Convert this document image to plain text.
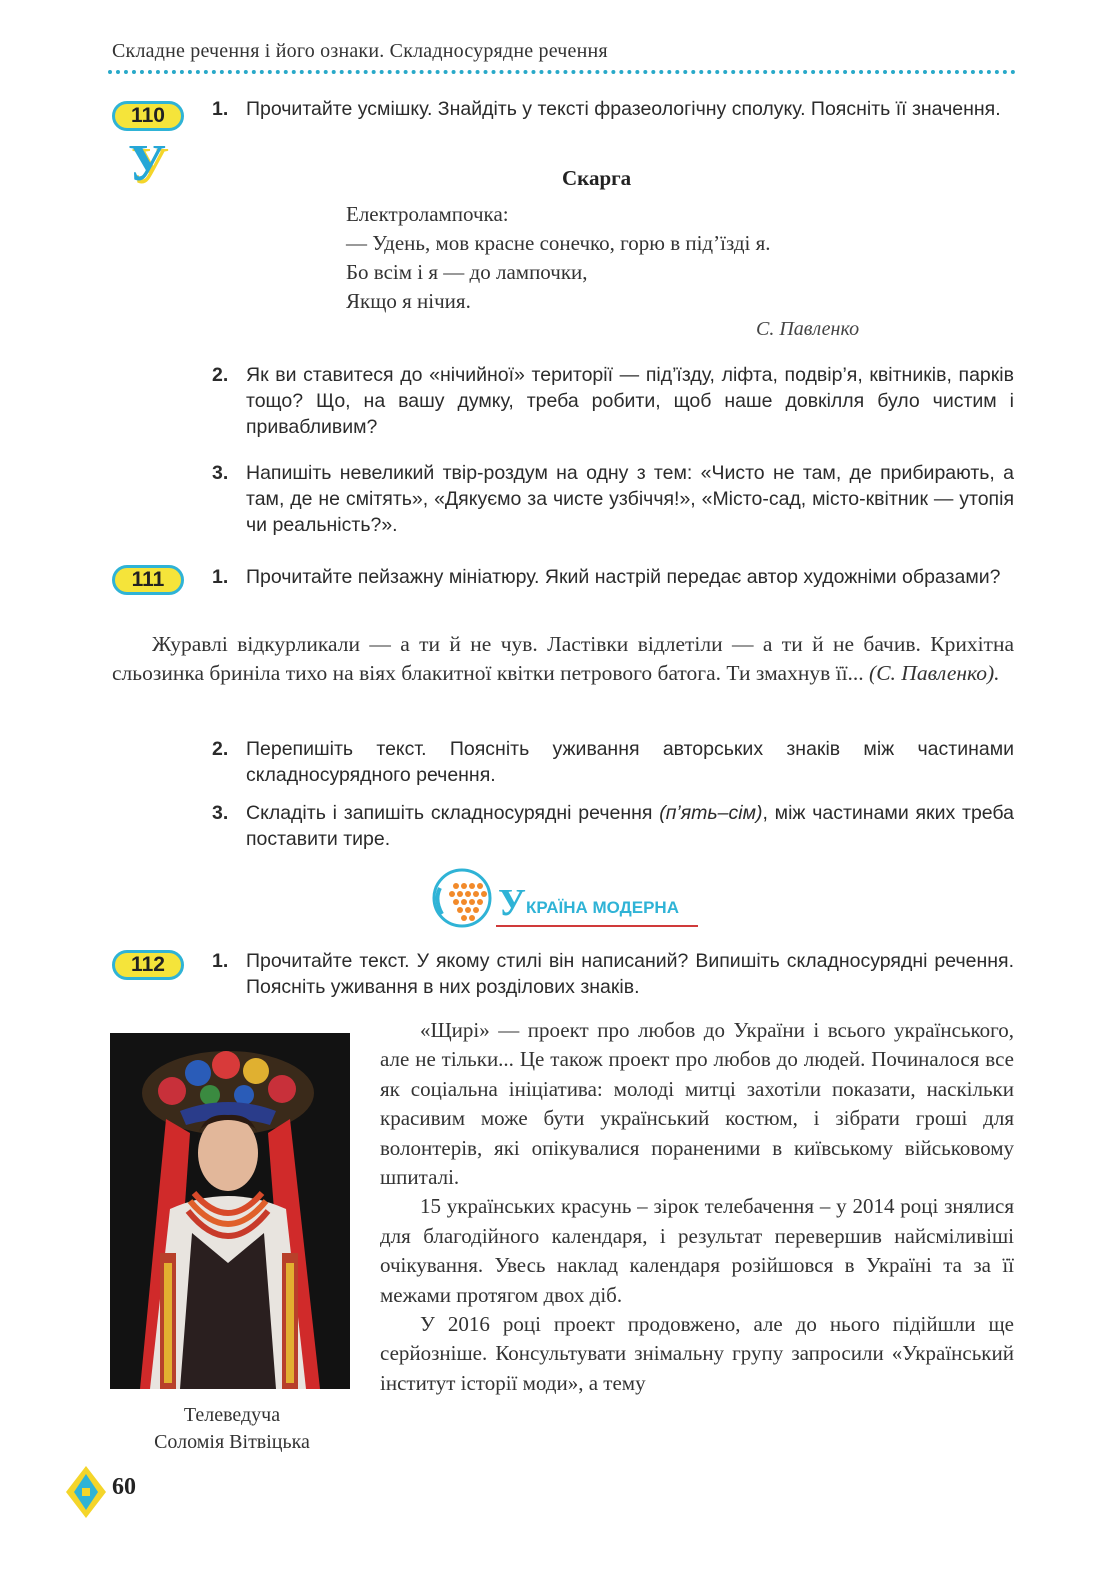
Складне речення і його ознаки. Складносурядне речення
110
У
1. Прочитайте усмішку. Знайдіть у тексті фразеологічну сполуку. Поясніть її значення.
Скарга
Електролампочка:
— Удень, мов красне сонечко, горю в під’їзді я.
Бо всім і я — до лампочки,
Якщо я нічия.
С. Павленко
2. Як ви ставитеся до «нічийної» території — під’їзду, ліфта, подвір’я, квітників, парків тощо? Що, на вашу думку, треба робити, щоб наше довкілля було чистим і привабливим?
3. Напишіть невеликий твір-роздум на одну з тем: «Чисто не там, де прибирають, а там, де не смітять», «Дякуємо за чисте узбіччя!», «Місто-сад, місто-квітник — утопія чи реальність?».
111	1. Прочитайте пейзажну мініатюру. Який настрій передає автор художніми образами?
Журавлі відкурликали — а ти й не чув. Ластівки відлетіли — а ти й не бачив. Крихітна сльозинка бриніла тихо на віях блакитної квітки петрового батога. Ти змахнув її... (С. Павленко).
2. Перепишіть текст. Поясніть уживання авторських знаків між частинами складносурядного речення.
3. Складіть і запишіть складносурядні речення (п’ять–сім), між частинами яких треба поставити тире.
У КРАЇНА МОДЕРНА
112	1. Прочитайте текст. У якому стилі він написаний? Випишіть складносурядні речення. Поясніть уживання в них розділових знаків.
Телеведуча
Соломія Вітвіцька

«Щирі» — проект про любов до України і всього українського, але не тільки... Це також проект про любов до людей. Починалося все як соціальна ініціатива: молоді митці захотіли показати, наскільки красивим може бути український костюм, і зібрати гроші для волонтерів, які опікувалися пораненими в київському військовому шпиталі.

15 українських красунь – зірок телебачення – у 2014 році знялися для благодійного календаря, і результат перевершив найсміливіші очікування. Увесь наклад календаря розійшовся в Україні та за її межами протягом двох діб.

У 2016 році проект продовжено, але до нього підійшли ще серйозніше. Консультувати знімальну групу запросили «Український інститут історії моди», а тему

60
